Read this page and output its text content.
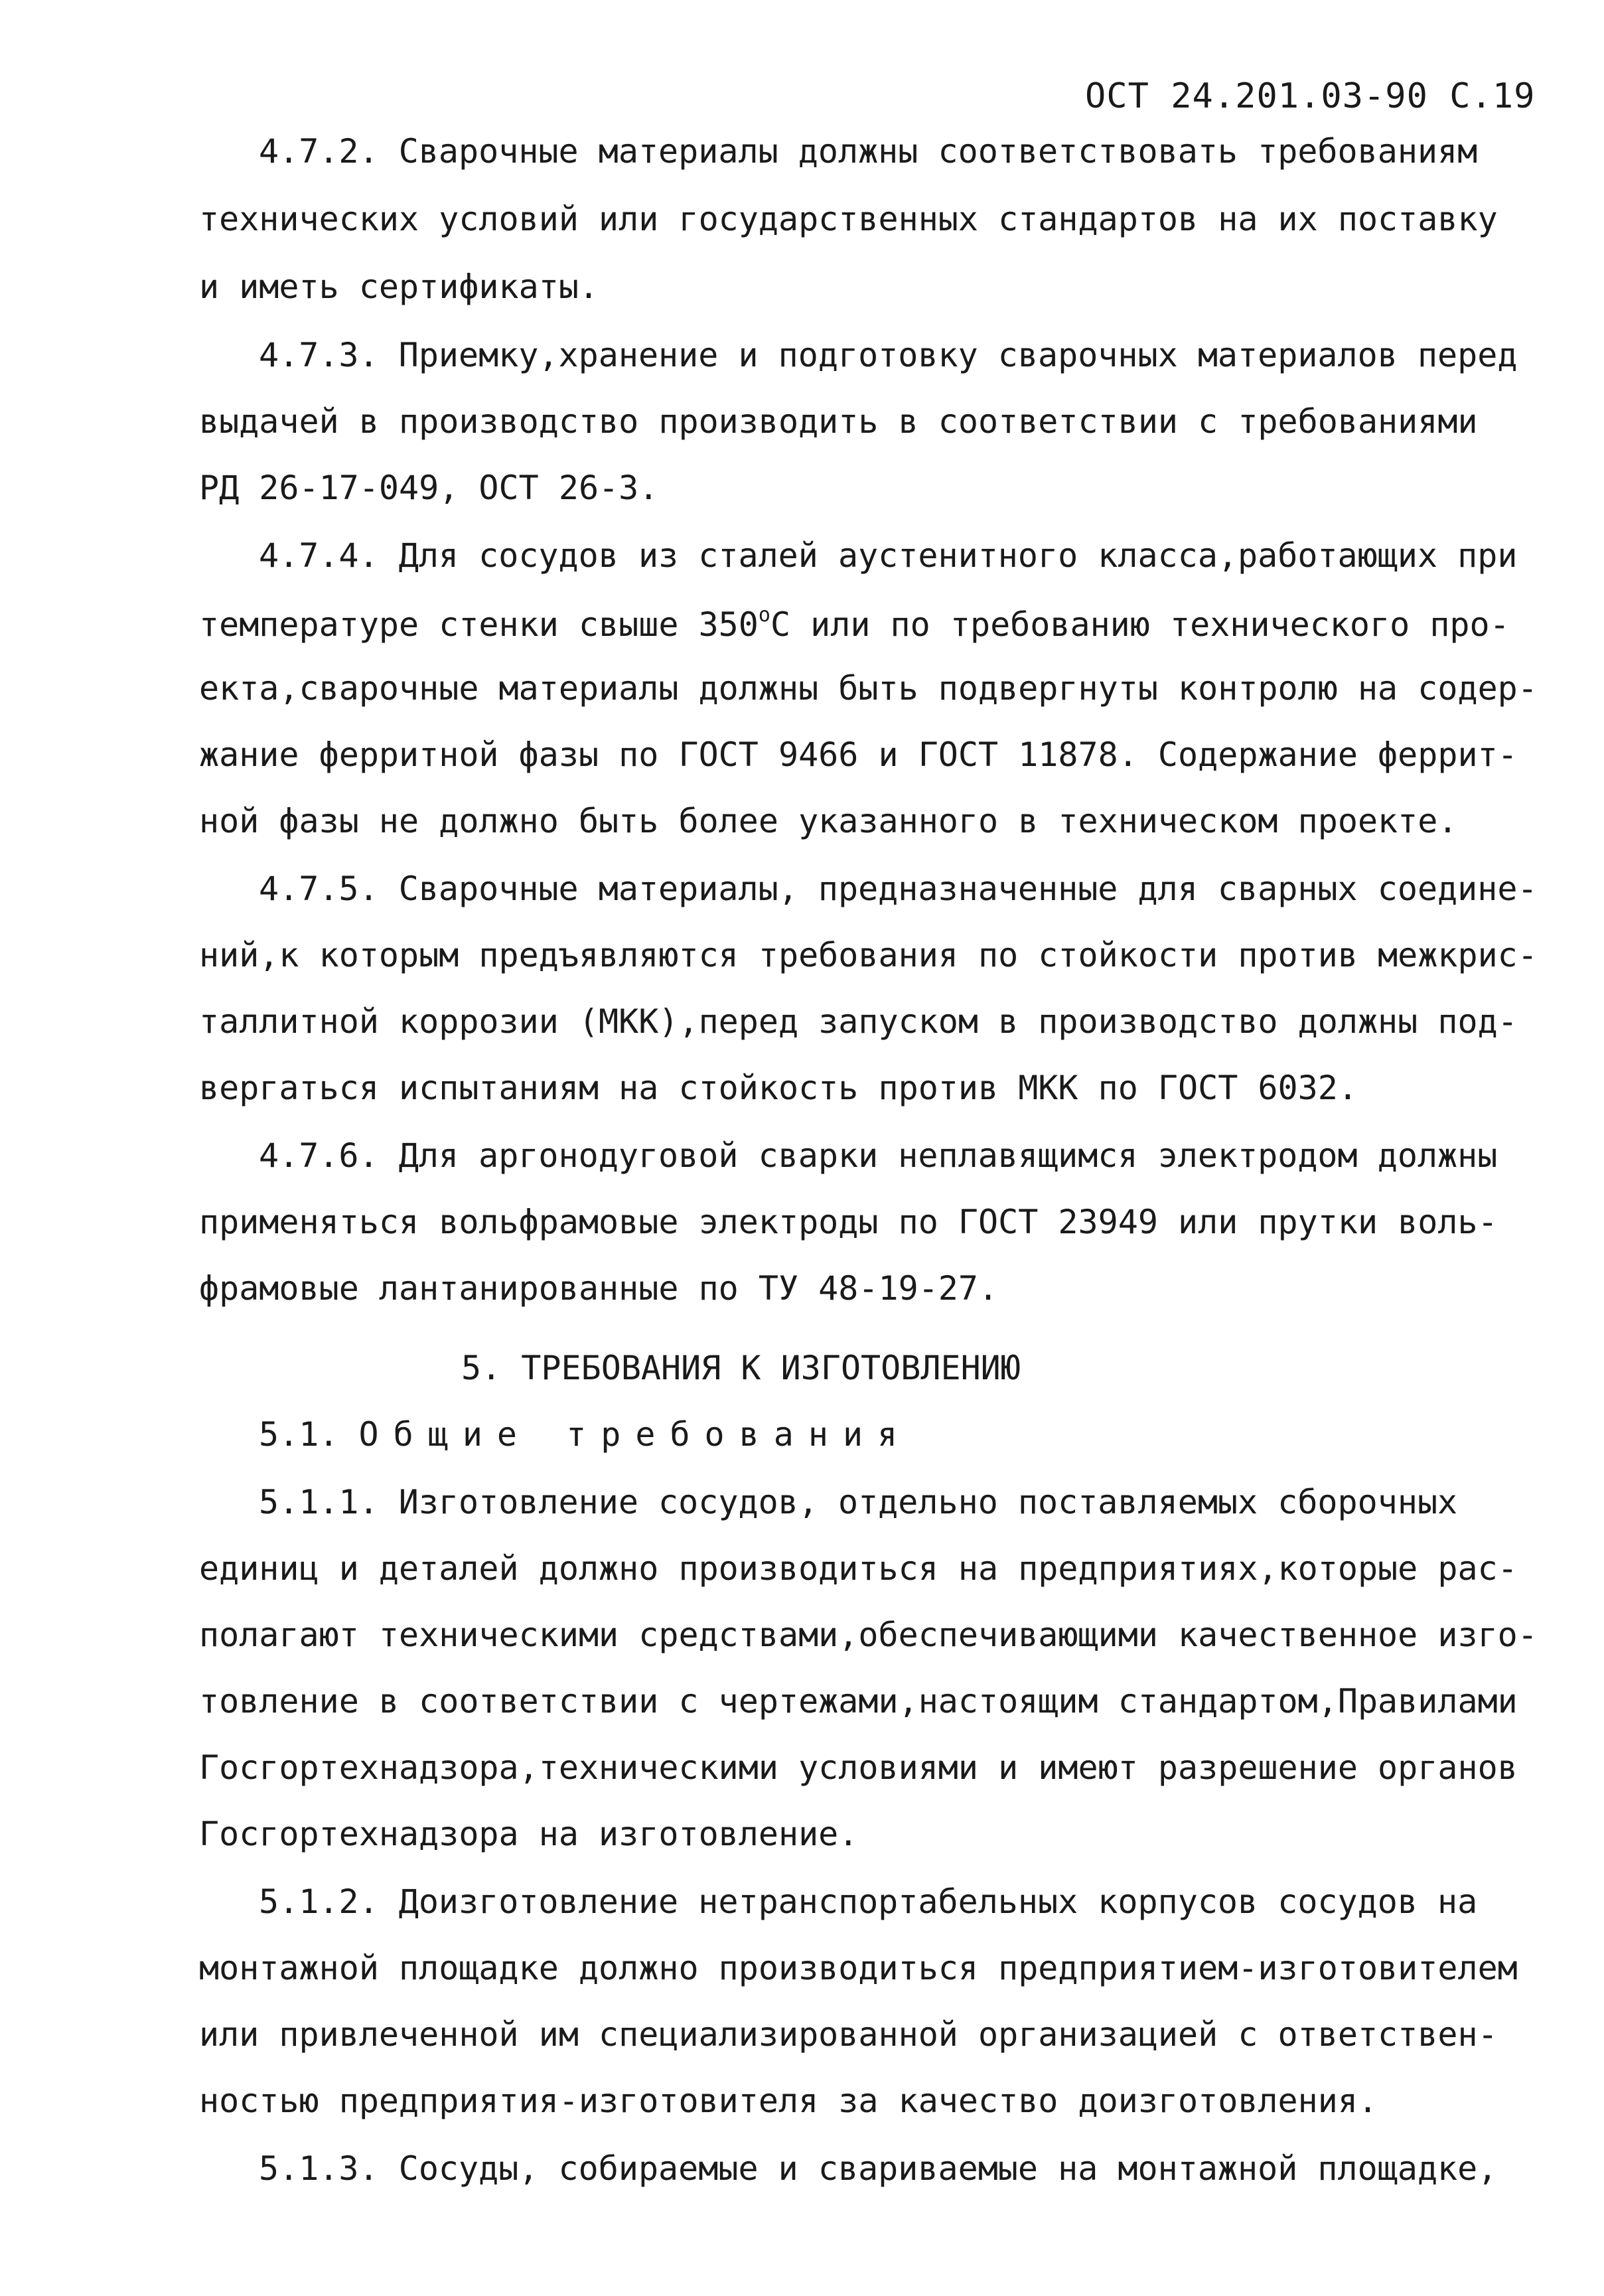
ОСТ 24.201.03-90 С.19
4.7.2. Сварочные материалы должны соответствовать требованиям
технических условий или государственных стандартов на их поставку
и иметь сертификаты.
4.7.3. Приемку,хранение и подготовку сварочных материалов перед
выдачей в производство производить в соответствии с требованиями
РД 26-17-049, ОСТ 26-3.
4.7.4. Для сосудов из сталей аустенитного класса,работающих при
температуре стенки свыше $350^оС$ или по требованию технического про-
екта,сварочные материалы должны быть подвергнуты контролю на содер-
жание ферритной фазы по ГОСТ 9466 и ГОСТ 11878. Содержание феррит-
ной фазы не должно быть более указанного в техническом проекте.
4.7.5. Сварочные материалы, предназначенные для сварных соедине-
ний,к которым предъявляются требования по стойкости против межкрис-
таллитной коррозии (МКК),перед запуском в производство должны под-
вергаться испытаниям на стойкость против МКК по ГОСТ 6032.
4.7.6. Для аргонодуговой сварки неплавящимся электродом должны
применяться вольфрамовые электроды по ГОСТ 23949 или прутки воль-
фрамовые лантанированные по ТУ 48-19-27.
5. ТРЕБОВАНИЯ К ИЗГОТОВЛЕНИЮ
5.1. Общие требования
5.1.1. Изготовление сосудов, отдельно поставляемых сборочных
единиц и деталей должно производиться на предприятиях,которые рас-
полагают техническими средствами,обеспечивающими качественное изго-
товление в соответствии с чертежами,настоящим стандартом,Правилами
Госгортехнадзора,техническими условиями и имеют разрешение органов
Госгортехнадзора на изготовление.
5.1.2. Доизготовление нетранспортабельных корпусов сосудов на
монтажной площадке должно производиться предприятием-изготовителем
или привлеченной им специализированной организацией с ответствен-
ностью предприятия-изготовителя за качество доизготовления.
5.1.3. Сосуды, собираемые и свариваемые на монтажной площадке,
